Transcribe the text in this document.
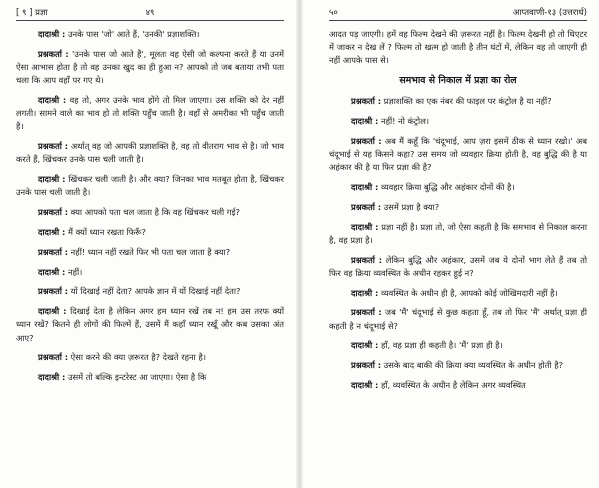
[ ९ ] प्रज्ञा	४९

दादाश्री : उनके पास 'जो' आते हैं, 'उनकी' प्रज्ञाशक्ति।

प्रश्नकर्ता : 'उनके पास जो आते हैं', मूलतः वह ऐसी जो कल्पना करते हैं या उनमें ऐसा आभास होता है तो वह उनका खुद का ही हुआ न? आपको तो जब बताया तभी पता चला कि आप वहाँ पर गए थे।

दादाश्री : वह तो, अगर उनके भाव होंगे तो मिल जाएगा। उस शक्ति को देर नहीं लगती। सामने वाले का भाव हो तो शक्ति पहुँच जाती है। वहाँ से अमरीका भी पहुँच जाती है।

प्रश्नकर्ता : अर्थात् वह जो आपकी प्रज्ञाशक्ति है, वह तो वीतराग भाव से है। जो भाव करते हैं, खिंचकर उनके पास चली जाती है।

दादाश्री : खिंचकर चली जाती है। और क्या? जिनका भाव मतबूत होता है, खिंचकर उनके पास चली जाती है।

प्रश्नकर्ता : क्या आपको पता चल जाता है कि वह खिंचकर चली गई?

दादाश्री : मैं क्यों ध्यान रखता फिरूँ?

प्रश्नकर्ता : नहीं! ध्यान नहीं रखते फिर भी पता चल जाता है क्या?

दादाश्री : नहीं।

प्रश्नकर्ता : यों दिखाई नहीं देता? आपके ज्ञान में यों दिखाई नहीं देता?

दादाश्री : दिखाई देता है लेकिन अगर हम ध्यान रखें तब न! हम उस तरफ क्यों ध्यान रखें? कितने ही लोगों की फिल्में हैं, उसमें मैं कहाँ ध्यान रखूँ और कब उसका अंत आए?

प्रश्नकर्ता : ऐसा करने की क्या ज़रूरत है? देखते रहना है।

दादाश्री : उसमें तो बल्कि इन्टरेस्ट आ जाएगा। ऐसा है कि

५०	आप्तवाणी-१३ (उत्तरार्ध)

आदत पड़ जाएगी। हमें वह फिल्म देखने की ज़रूरत नहीं है। फिल्म देखनी हो तो थिएटर में जाकर न देख लें ? फिल्म तो खत्म हो जाती है तीन घंटों में, लेकिन वह तो जाएगी ही नहीं आपके पास से।

समभाव से निकाल में प्रज्ञा का रोल

प्रश्नकर्ता : प्रज्ञाशक्ति का एक नंबर की फाइल पर कंट्रोल है या नहीं?

दादाश्री : नहीं! नो कंट्रोल।

प्रश्नकर्ता : अब मैं कहूँ कि 'चंदूभाई, आप ज़रा इसमें ठीक से ध्यान रखो।' अब चंदूभाई से यह किसने कहा? उस समय जो व्यवहार क्रिया होती है, वह बुद्धि की है या अहंकार की है या फिर प्रज्ञा की है?

दादाश्री : व्यवहार क्रिया बुद्धि और अहंकार दोनों की है।

प्रश्नकर्ता : उसमें प्रज्ञा है क्या?

दादाश्री : प्रज्ञा नहीं है। प्रज्ञा तो, जो ऐसा कहती है कि समभाव से निकाल करना है, वह प्रज्ञा है।

प्रश्नकर्ता : लेकिन बुद्धि और अहंकार, उसमें जब ये दोनों भाग लेते हैं तब तो फिर वह क्रिया व्यवस्थित के अधीन रहकर हुई न?

दादाश्री : व्यवस्थित के अधीन ही है, आपको कोई जोखिमदारी नहीं है।

प्रश्नकर्ता : जब 'मैं' चंदूभाई से कुछ कहता हूँ, तब तो फिर 'मैं' अर्थात् प्रज्ञा ही कहती है न चंदूभाई से?

दादाश्री : हाँ, वह प्रज्ञा ही कहती है। 'मैं' प्रज्ञा ही है।

प्रश्नकर्ता : उसके बाद बाकी की क्रिया क्या व्यवस्थित के अधीन होती है?

दादाश्री : हाँ, व्यवस्थित के अधीन है लेकिन अगर व्यवस्थित
